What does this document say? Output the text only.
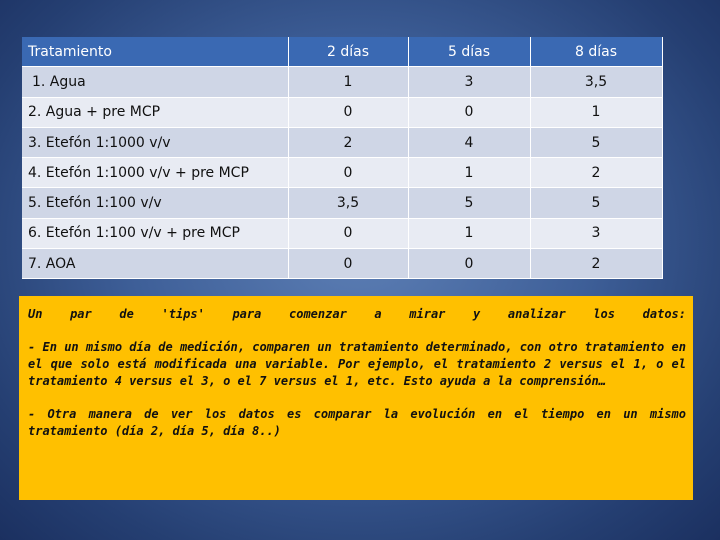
Tratamiento	2 días	5 días	8 días
1. Agua	1	3	3,5
2. Agua + pre MCP	0	0	1
3. Etefón 1:1000 v/v	2	4	5
4. Etefón 1:1000 v/v + pre MCP	0	1	2
5. Etefón 1:100 v/v	3,5	5	5
6. Etefón 1:100 v/v + pre MCP	0	1	3
7. AOA	0	0	2

Un par de 'tips' para comenzar a mirar y analizar los datos:

- En un mismo día de medición, comparen un tratamiento determinado, con otro tratamiento en el que solo está modificada una variable. Por ejemplo, el tratamiento 2 versus el 1, o el tratamiento 4 versus el 3, o el 7 versus el 1, etc. Esto ayuda a la comprensión…

- Otra manera de ver los datos es comparar la evolución en el tiempo en un mismo tratamiento (día 2, día 5, día 8..)
